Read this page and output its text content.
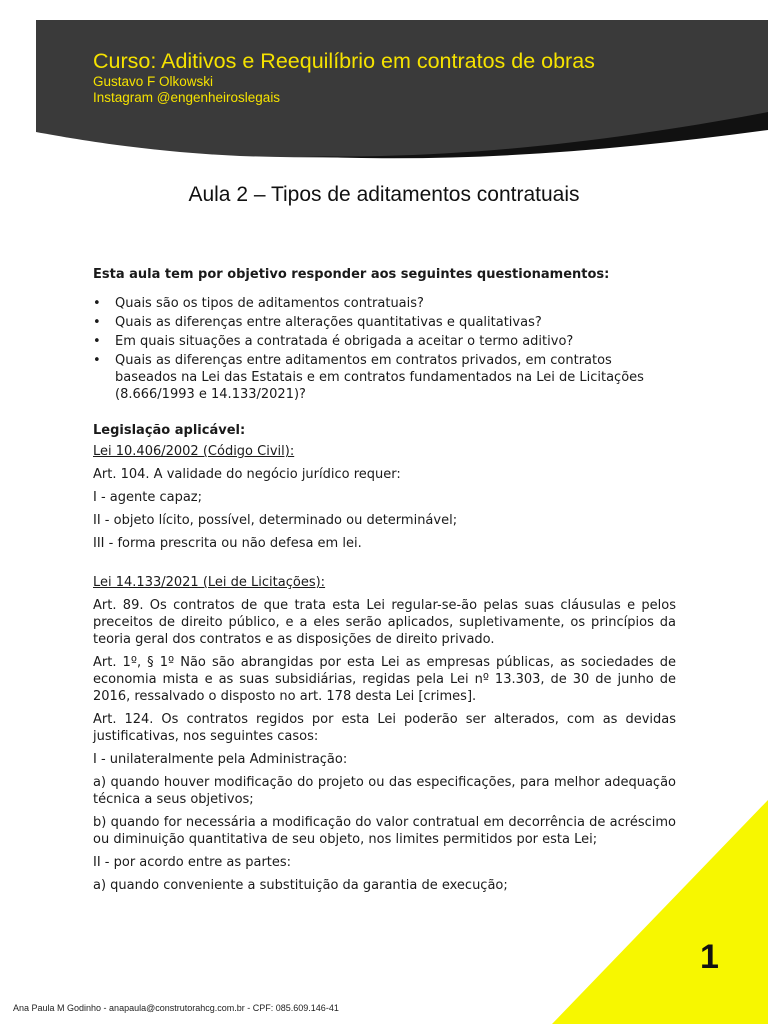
Curso: Aditivos e Reequilíbrio em contratos de obras
Gustavo F Olkowski
Instagram @engenheiroslegais
Aula 2 – Tipos de aditamentos contratuais

Esta aula tem por objetivo responder aos seguintes questionamentos:

• Quais são os tipos de aditamentos contratuais?
• Quais as diferenças entre alterações quantitativas e qualitativas?
• Em quais situações a contratada é obrigada a aceitar o termo aditivo?
• Quais as diferenças entre aditamentos em contratos privados, em contratos baseados na Lei das Estatais e em contratos fundamentados na Lei de Licitações (8.666/1993 e 14.133/2021)?

Legislação aplicável:

Lei 10.406/2002 (Código Civil):

Art. 104. A validade do negócio jurídico requer:

I - agente capaz;

II - objeto lícito, possível, determinado ou determinável;

III - forma prescrita ou não defesa em lei.

Lei 14.133/2021 (Lei de Licitações):

Art. 89. Os contratos de que trata esta Lei regular-se-ão pelas suas cláusulas e pelos preceitos de direito público, e a eles serão aplicados, supletivamente, os princípios da teoria geral dos contratos e as disposições de direito privado.

Art. 1º, § 1º Não são abrangidas por esta Lei as empresas públicas, as sociedades de economia mista e as suas subsidiárias, regidas pela Lei nº 13.303, de 30 de junho de 2016, ressalvado o disposto no art. 178 desta Lei [crimes].

Art. 124. Os contratos regidos por esta Lei poderão ser alterados, com as devidas justificativas, nos seguintes casos:

I - unilateralmente pela Administração:

a) quando houver modificação do projeto ou das especificações, para melhor adequação técnica a seus objetivos;

b) quando for necessária a modificação do valor contratual em decorrência de acréscimo ou diminuição quantitativa de seu objeto, nos limites permitidos por esta Lei;

II - por acordo entre as partes:

a) quando conveniente a substituição da garantia de execução;

1
Ana Paula M Godinho - anapaula@construtorahcg.com.br - CPF: 085.609.146-41
